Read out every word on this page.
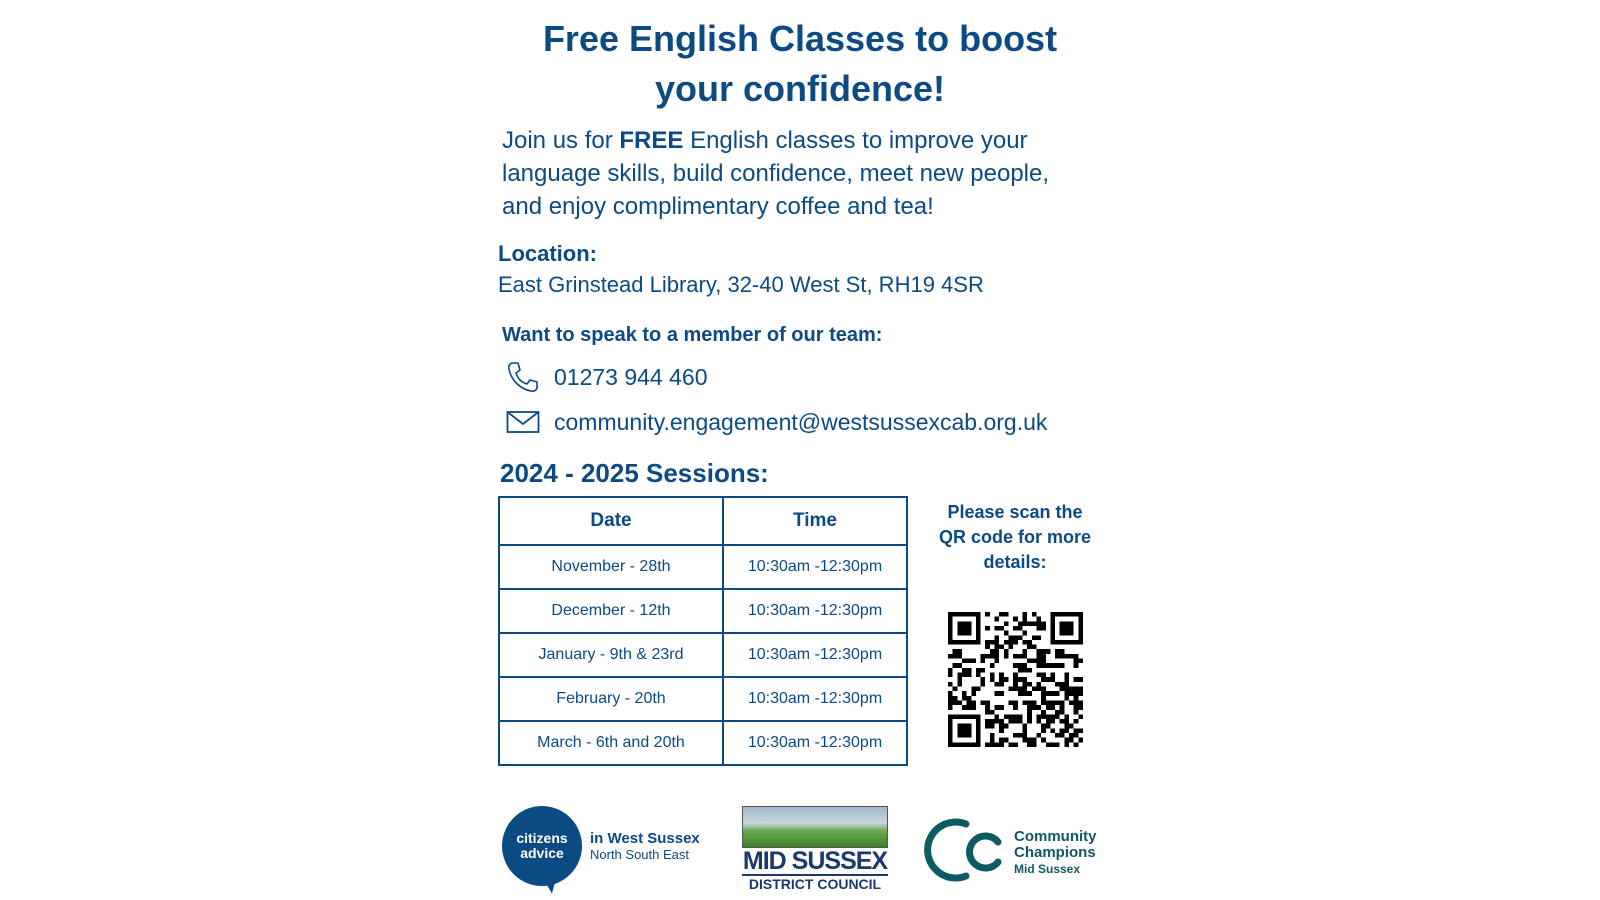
Free English Classes to boost
your confidence!
Join us for FREE English classes to improve your language skills, build confidence, meet new people, and enjoy complimentary coffee and tea!
Location:
East Grinstead Library, 32-40 West St, RH19 4SR
Want to speak to a member of our team:
01273 944 460
community.engagement@westsussexcab.org.uk
2024 - 2025 Sessions:
Date	Time
November - 28th	10:30am -12:30pm
December - 12th	10:30am -12:30pm
January - 9th & 23rd	10:30am -12:30pm
February - 20th	10:30am -12:30pm
March - 6th and 20th	10:30am -12:30pm
Please scan the
QR code for more
details:
citizens
advice
in West Sussex
North South East	MID SUSSEX
DISTRICT COUNCIL
Community
Champions
Mid Sussex
